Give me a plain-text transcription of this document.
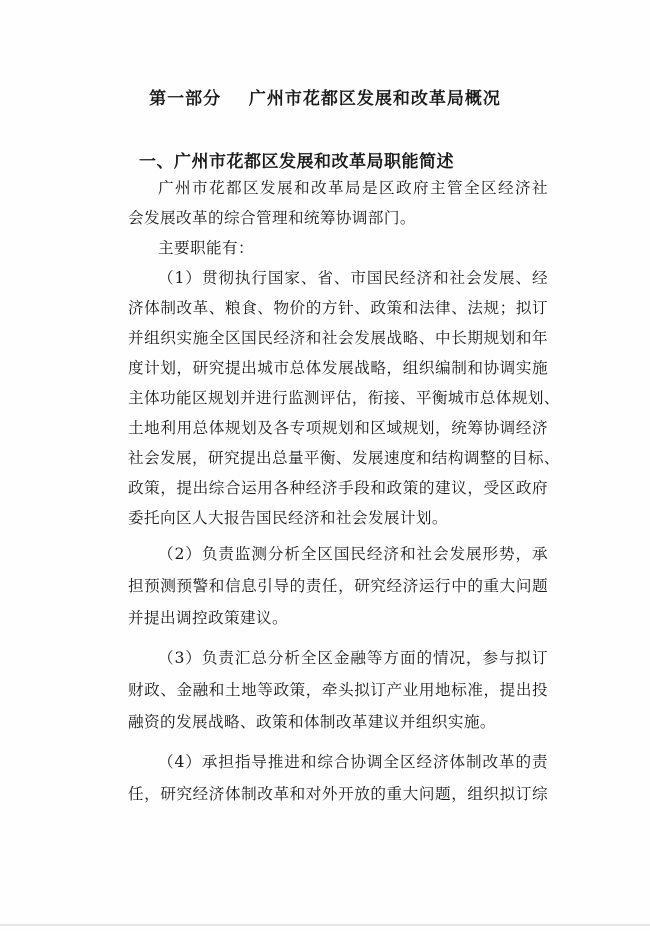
第一部分    广州市花都区发展和改革局概况
一、广州市花都区发展和改革局职能简述
广州市花都区发展和改革局是区政府主管全区经济社
会发展改革的综合管理和统筹协调部门。
主要职能有：
（1）贯彻执行国家、省、市国民经济和社会发展、经
济体制改革、粮食、物价的方针、政策和法律、法规；拟订
并组织实施全区国民经济和社会发展战略、中长期规划和年
度计划，研究提出城市总体发展战略，组织编制和协调实施
主体功能区规划并进行监测评估，衔接、平衡城市总体规划、
土地利用总体规划及各专项规划和区域规划，统筹协调经济
社会发展，研究提出总量平衡、发展速度和结构调整的目标、
政策，提出综合运用各种经济手段和政策的建议，受区政府
委托向区人大报告国民经济和社会发展计划。
（2）负责监测分析全区国民经济和社会发展形势，承
担预测预警和信息引导的责任，研究经济运行中的重大问题
并提出调控政策建议。
（3）负责汇总分析全区金融等方面的情况，参与拟订
财政、金融和土地等政策，牵头拟订产业用地标准，提出投
融资的发展战略、政策和体制改革建议并组织实施。
（4）承担指导推进和综合协调全区经济体制改革的责
任，研究经济体制改革和对外开放的重大问题，组织拟订综
